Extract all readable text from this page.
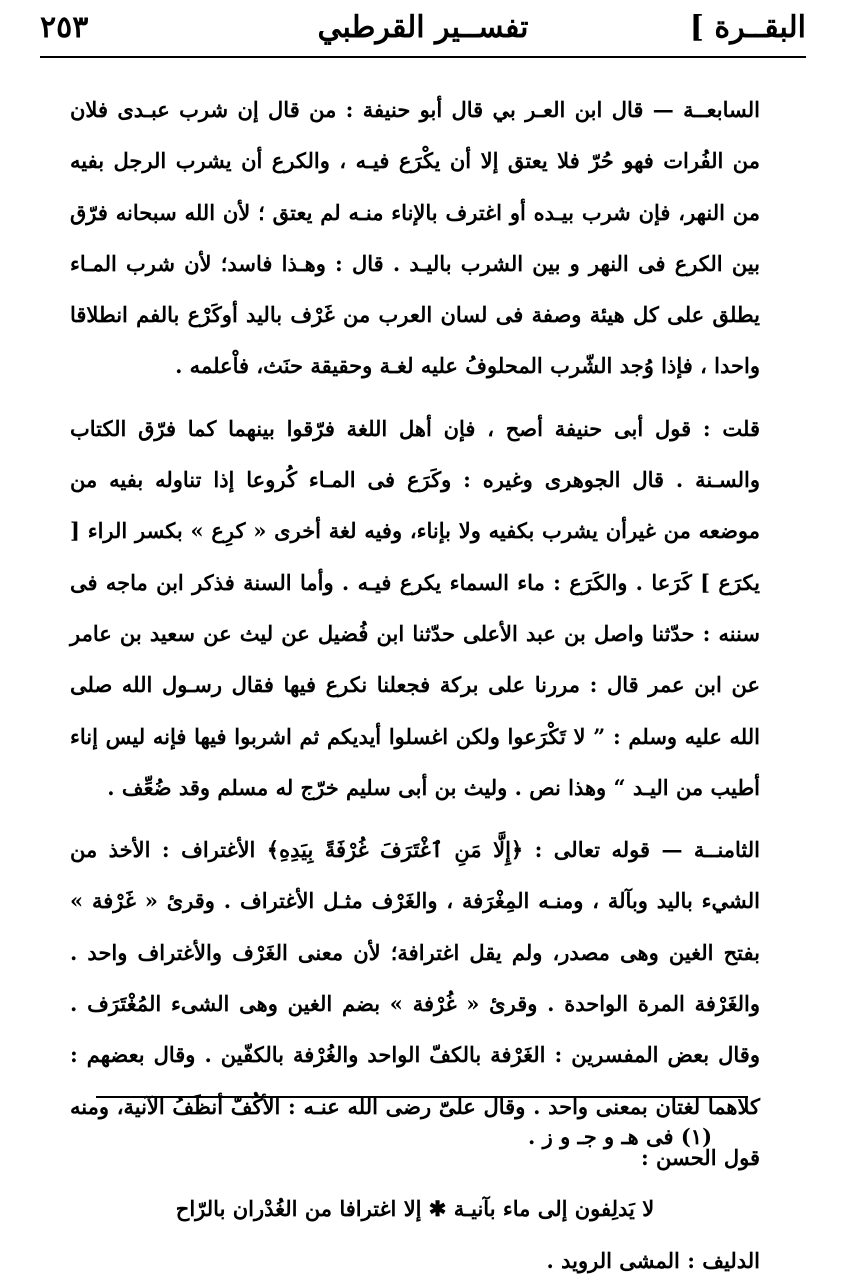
البقــرة ]
تفســير القرطبي
٢٥٣

السابعــة — قال ابن العـر بي‌ قال أبو حنيفة : من قال إن شرب عبـدى فلان من الفُرات فهو حُرّ فلا يعتق إلا أن يكْرَع فيـه ، والكرع أن يشرب الرجل بفيه من النهر، فإن شرب بيـده أو اغترف بالإناء منـه لم يعتق ؛ لأن الله سبحانه فرّق بين الكرع فى النهر و بين الشرب باليـد . قال : وهـذا فاسد؛ لأن شرب المـاء يطلق على كل هيئة وصفة فى لسان العرب من غَرْف باليد أوكَرْع بالفم انطلاقا واحدا ، فإذا وُجد الشّرب المحلوفُ عليه لغـة وحقيقة حنَث، فاْعلمه .

قلت : قول أبى حنيفة أصح ، فإن أهل اللغة فرّقوا بينهما كما فرّق الكتاب والسـنة . قال الجوهرى وغيره : وكَرَع فى المـاء كُروعا إذا تناوله بفيه من موضعه من غيرأن يشرب بكفيه ولا بإناء، وفيه لغة أخرى « كرِع » بكسر الراء [ يكرَع ] كَرَعا . والكَرَع : ماء السماء يكرع فيـه . وأما السنة فذكر ابن ماجه فى سننه : حدّثنا واصل بن عبد الأعلى حدّثنا ابن فُضيل عن ليث عن سعيد بن عامر عن ابن عمر قال : مررنا على بركة فجعلنا نكرع فيها فقال رسـول الله صلى الله عليه وسلم : ” لا تَكْرَعوا ولكن اغسلوا أيديكم ثم اشربوا فيها فإنه ليس إناء أطيب من اليـد “ وهذا نص . وليث بن أبى سليم خرّج له مسلم وقد ضُعِّف .

الثامنــة — قوله تعالى : ﴿إِلَّا مَنِ ٱغْتَرَفَ غُرْفَةً بِيَدِهِ﴾ الأغتراف : الأخذ من الشيء باليد وبآلة ، ومنـه المِغْرَفة ، والغَرْف مثـل الأغتراف . وقرئ « غَرْفة » بفتح الغين وهى مصدر، ولم يقل اغترافة؛ لأن معنى الغَرْف والأغتراف واحد . والغَرْفة المرة الواحدة . وقرئ « غُرْفة » بضم الغين وهى الشىء المُغْتَرَف . وقال بعض المفسرين : الغَرْفة بالكفّ الواحد والغُرْفة بالكفّين . وقال بعضهم : كلاهما لغتان بمعنى واحد . وقال علىّ رضى الله عنـه : الأكُفّ أنظَفُ الآنية، ومنه قول الحسن :

لا يَدلِفون إلى ماء بآنيـة ✱ إلا اغترافا من الغُدْران بالرّاح

الدليف : المشى الرويد .

(١) فى هـ و جـ و ز .
